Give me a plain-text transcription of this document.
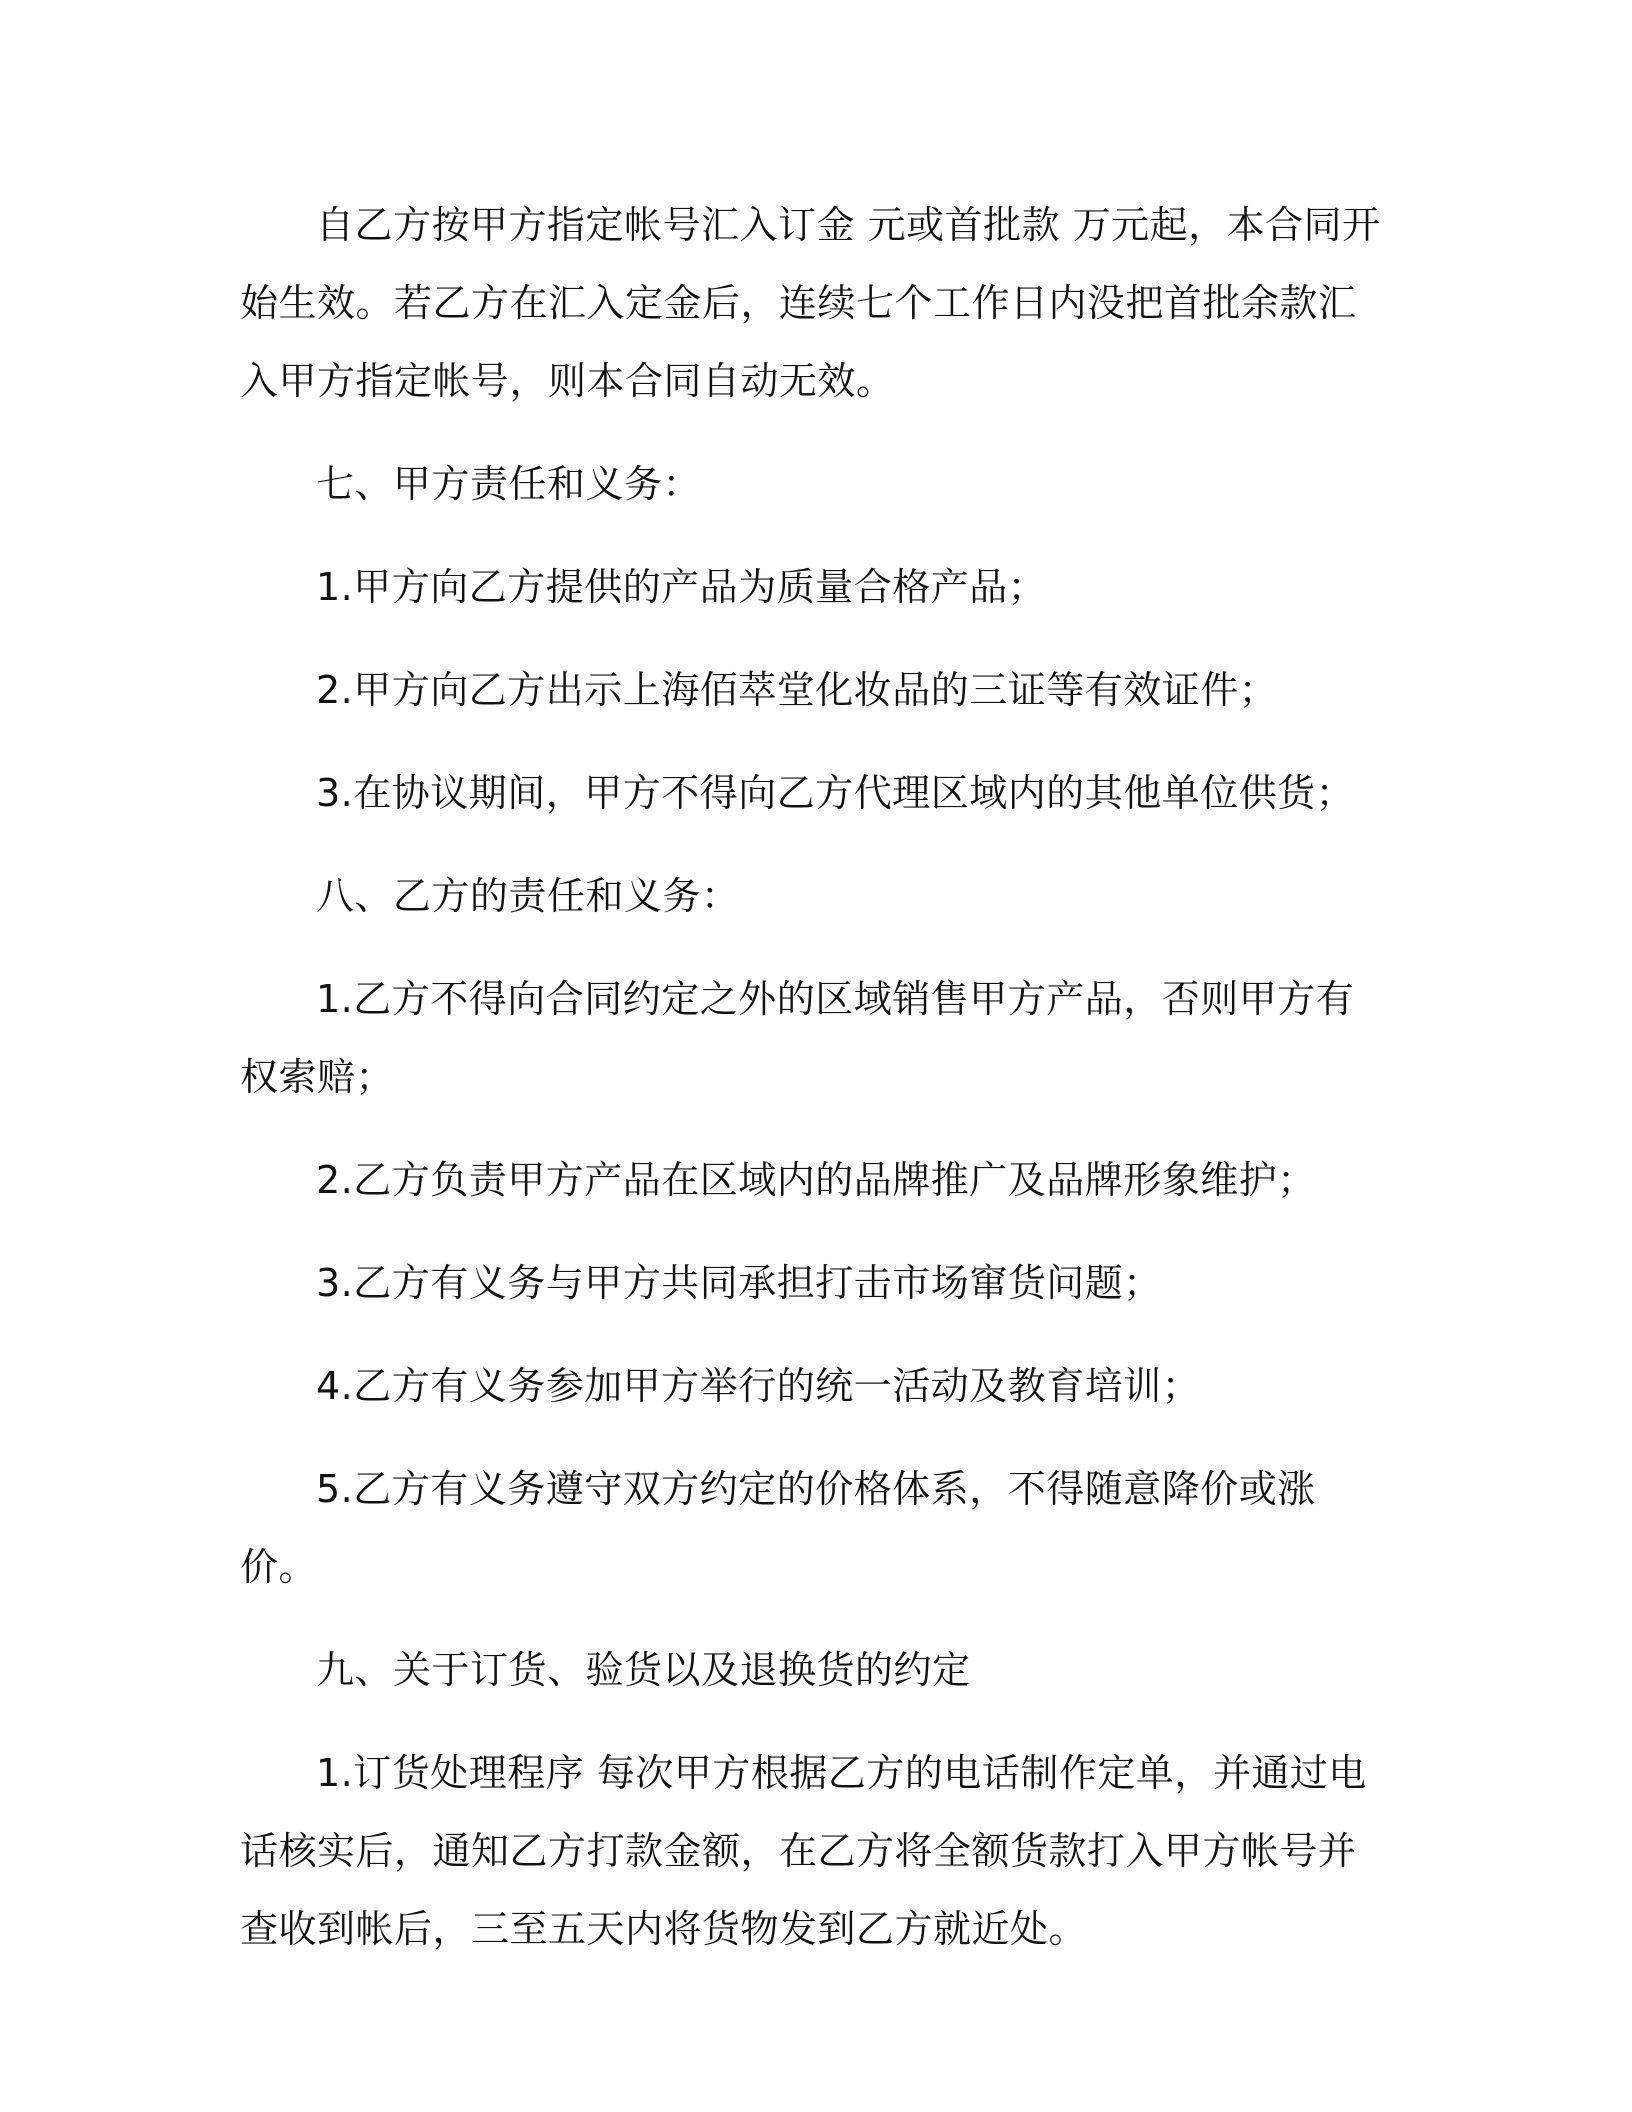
自乙方按甲方指定帐号汇入订金 元或首批款 万元起，本合同开始生效。若乙方在汇入定金后，连续七个工作日内没把首批余款汇入甲方指定帐号，则本合同自动无效。

七、甲方责任和义务：

1.甲方向乙方提供的产品为质量合格产品；

2.甲方向乙方出示上海佰萃堂化妆品的三证等有效证件；

3.在协议期间，甲方不得向乙方代理区域内的其他单位供货；

八、乙方的责任和义务：

1.乙方不得向合同约定之外的区域销售甲方产品，否则甲方有权索赔；

2.乙方负责甲方产品在区域内的品牌推广及品牌形象维护；

3.乙方有义务与甲方共同承担打击市场窜货问题；

4.乙方有义务参加甲方举行的统一活动及教育培训；

5.乙方有义务遵守双方约定的价格体系，不得随意降价或涨价。

九、关于订货、验货以及退换货的约定

1.订货处理程序 每次甲方根据乙方的电话制作定单，并通过电话核实后，通知乙方打款金额，在乙方将全额货款打入甲方帐号并查收到帐后，三至五天内将货物发到乙方就近处。
